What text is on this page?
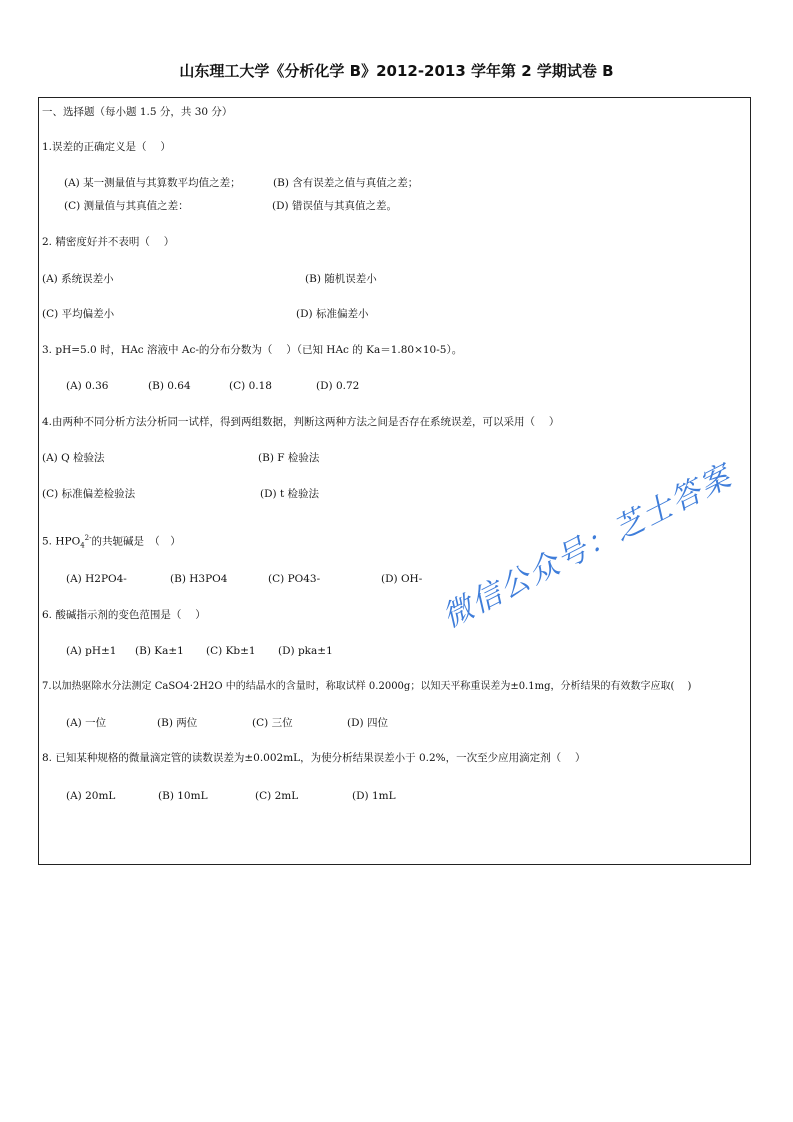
山东理工大学《分析化学 B》2012-2013 学年第 2 学期试卷 B
一、选择题（每小题 1.5 分，共 30 分）
1.误差的正确定义是（　 ）
(A) 某一测量值与其算数平均值之差；	(B) 含有误差之值与真值之差；
(C) 测量值与其真值之差：	(D) 错误值与其真值之差。
2. 精密度好并不表明（　 ）
(A) 系统误差小	(B) 随机误差小
(C) 平均偏差小	(D) 标准偏差小
3. pH=5.0 时，HAc 溶液中 Ac-的分布分数为（　 ）（已知 HAc 的 Ka＝1.80×10-5）。
(A) 0.36	(B) 0.64	(C) 0.18	(D) 0.72
4.由两种不同分析方法分析同一试样，得到两组数据，判断这两种方法之间是否存在系统误差，可以采用（　 ）
(A) Q 检验法	(B) F 检验法
(C) 标准偏差检验法	(D) t 检验法
5. $HPO_4^{2-}$的共轭碱是　（　）
(A) H2PO4-	(B) H3PO4	(C) PO43-	(D) OH-
6. 酸碱指示剂的变色范围是（　 ）
(A) pH±1 (B) Ka±1 (C) Kb±1 (D) pka±1
7.以加热驱除水分法测定 CaSO4·2H2O 中的结晶水的含量时，称取试样 0.2000g；以知天平称重误差为±0.1mg，分析结果的有效数字应取(　 )
(A) 一位	(B) 两位	(C) 三位	(D) 四位
8. 已知某种规格的微量滴定管的读数误差为±0.002mL，为使分析结果误差小于 0.2%，一次至少应用滴定剂（　 ）
(A) 20mL	(B) 10mL	(C) 2mL	(D) 1mL
微信公众号：芝士答案
